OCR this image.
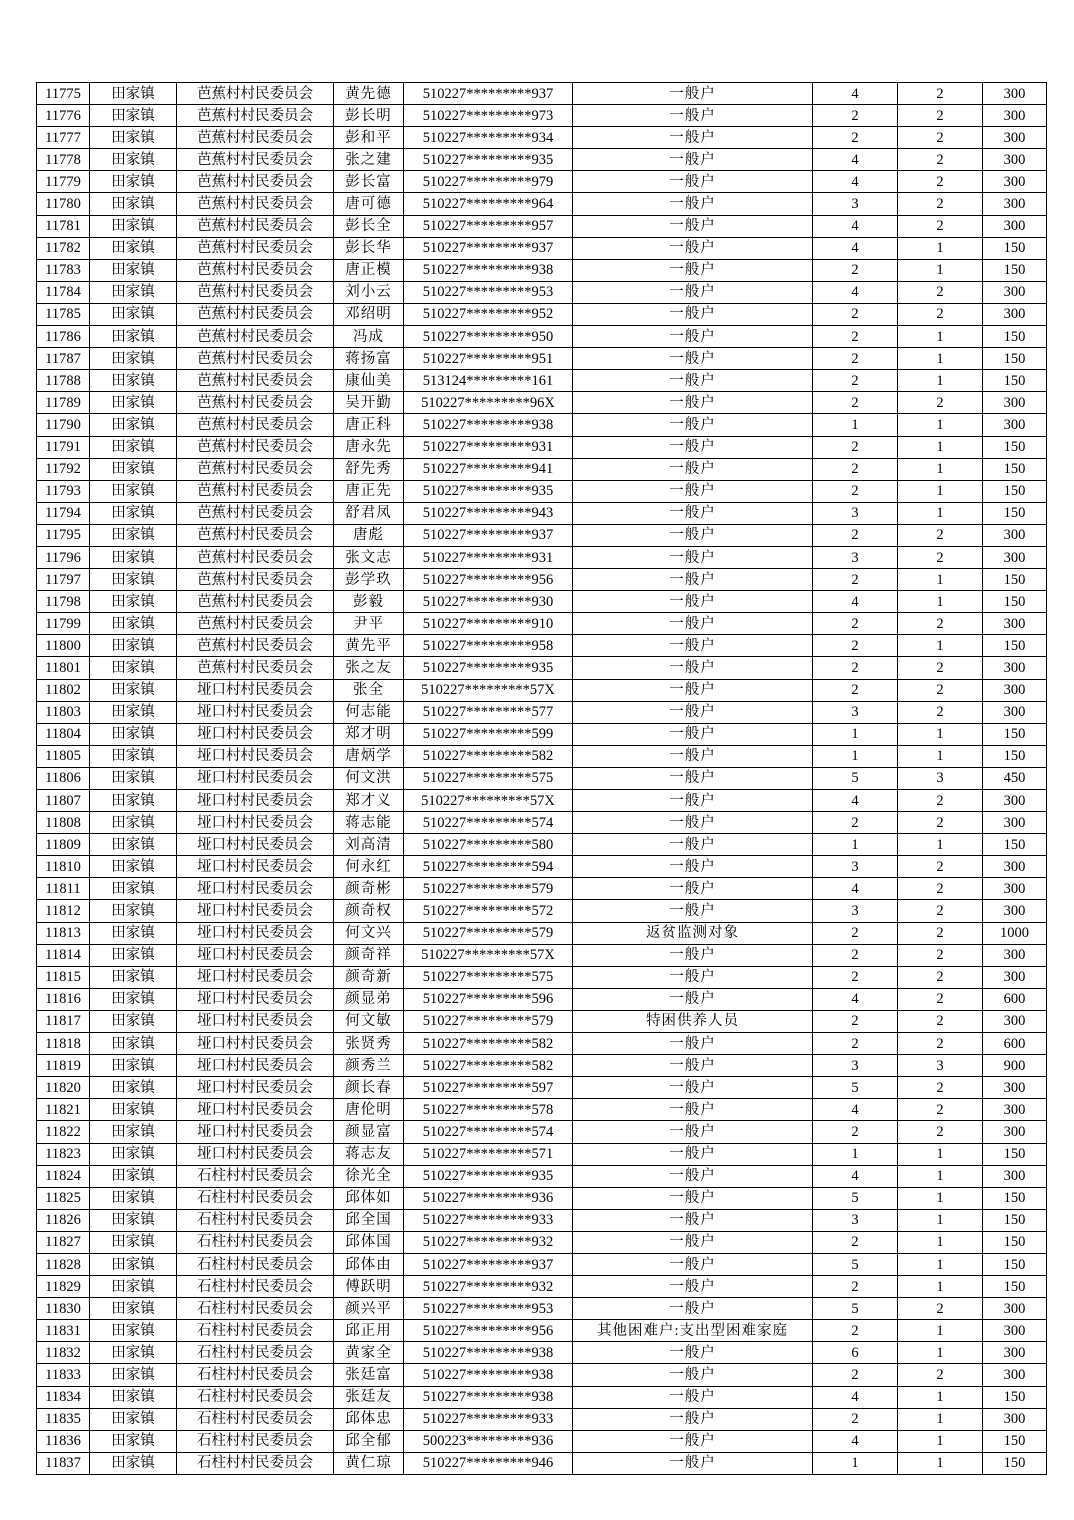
11775	田家镇	芭蕉村村民委员会	黄先德	510227*********937	一般户	4	2	300
11776	田家镇	芭蕉村村民委员会	彭长明	510227*********973	一般户	2	2	300
11777	田家镇	芭蕉村村民委员会	彭和平	510227*********934	一般户	2	2	300
11778	田家镇	芭蕉村村民委员会	张之建	510227*********935	一般户	4	2	300
11779	田家镇	芭蕉村村民委员会	彭长富	510227*********979	一般户	4	2	300
11780	田家镇	芭蕉村村民委员会	唐可德	510227*********964	一般户	3	2	300
11781	田家镇	芭蕉村村民委员会	彭长全	510227*********957	一般户	4	2	300
11782	田家镇	芭蕉村村民委员会	彭长华	510227*********937	一般户	4	1	150
11783	田家镇	芭蕉村村民委员会	唐正模	510227*********938	一般户	2	1	150
11784	田家镇	芭蕉村村民委员会	刘小云	510227*********953	一般户	4	2	300
11785	田家镇	芭蕉村村民委员会	邓绍明	510227*********952	一般户	2	2	300
11786	田家镇	芭蕉村村民委员会	冯成	510227*********950	一般户	2	1	150
11787	田家镇	芭蕉村村民委员会	蒋扬富	510227*********951	一般户	2	1	150
11788	田家镇	芭蕉村村民委员会	康仙美	513124*********161	一般户	2	1	150
11789	田家镇	芭蕉村村民委员会	吴开勤	510227*********96X	一般户	2	2	300
11790	田家镇	芭蕉村村民委员会	唐正科	510227*********938	一般户	1	1	300
11791	田家镇	芭蕉村村民委员会	唐永先	510227*********931	一般户	2	1	150
11792	田家镇	芭蕉村村民委员会	舒先秀	510227*********941	一般户	2	1	150
11793	田家镇	芭蕉村村民委员会	唐正先	510227*********935	一般户	2	1	150
11794	田家镇	芭蕉村村民委员会	舒君凤	510227*********943	一般户	3	1	150
11795	田家镇	芭蕉村村民委员会	唐彪	510227*********937	一般户	2	2	300
11796	田家镇	芭蕉村村民委员会	张文志	510227*********931	一般户	3	2	300
11797	田家镇	芭蕉村村民委员会	彭学玖	510227*********956	一般户	2	1	150
11798	田家镇	芭蕉村村民委员会	彭毅	510227*********930	一般户	4	1	150
11799	田家镇	芭蕉村村民委员会	尹平	510227*********910	一般户	2	2	300
11800	田家镇	芭蕉村村民委员会	黄先平	510227*********958	一般户	2	1	150
11801	田家镇	芭蕉村村民委员会	张之友	510227*********935	一般户	2	2	300
11802	田家镇	垭口村村民委员会	张全	510227*********57X	一般户	2	2	300
11803	田家镇	垭口村村民委员会	何志能	510227*********577	一般户	3	2	300
11804	田家镇	垭口村村民委员会	郑才明	510227*********599	一般户	1	1	150
11805	田家镇	垭口村村民委员会	唐炳学	510227*********582	一般户	1	1	150
11806	田家镇	垭口村村民委员会	何文洪	510227*********575	一般户	5	3	450
11807	田家镇	垭口村村民委员会	郑才义	510227*********57X	一般户	4	2	300
11808	田家镇	垭口村村民委员会	蒋志能	510227*********574	一般户	2	2	300
11809	田家镇	垭口村村民委员会	刘高清	510227*********580	一般户	1	1	150
11810	田家镇	垭口村村民委员会	何永红	510227*********594	一般户	3	2	300
11811	田家镇	垭口村村民委员会	颜奇彬	510227*********579	一般户	4	2	300
11812	田家镇	垭口村村民委员会	颜奇权	510227*********572	一般户	3	2	300
11813	田家镇	垭口村村民委员会	何文兴	510227*********579	返贫监测对象	2	2	1000
11814	田家镇	垭口村村民委员会	颜奇祥	510227*********57X	一般户	2	2	300
11815	田家镇	垭口村村民委员会	颜奇新	510227*********575	一般户	2	2	300
11816	田家镇	垭口村村民委员会	颜显弟	510227*********596	一般户	4	2	600
11817	田家镇	垭口村村民委员会	何文敏	510227*********579	特困供养人员	2	2	300
11818	田家镇	垭口村村民委员会	张贤秀	510227*********582	一般户	2	2	600
11819	田家镇	垭口村村民委员会	颜秀兰	510227*********582	一般户	3	3	900
11820	田家镇	垭口村村民委员会	颜长春	510227*********597	一般户	5	2	300
11821	田家镇	垭口村村民委员会	唐伦明	510227*********578	一般户	4	2	300
11822	田家镇	垭口村村民委员会	颜显富	510227*********574	一般户	2	2	300
11823	田家镇	垭口村村民委员会	蒋志友	510227*********571	一般户	1	1	150
11824	田家镇	石柱村村民委员会	徐光全	510227*********935	一般户	4	1	300
11825	田家镇	石柱村村民委员会	邱体如	510227*********936	一般户	5	1	150
11826	田家镇	石柱村村民委员会	邱全国	510227*********933	一般户	3	1	150
11827	田家镇	石柱村村民委员会	邱体国	510227*********932	一般户	2	1	150
11828	田家镇	石柱村村民委员会	邱体由	510227*********937	一般户	5	1	150
11829	田家镇	石柱村村民委员会	傅跃明	510227*********932	一般户	2	1	150
11830	田家镇	石柱村村民委员会	颜兴平	510227*********953	一般户	5	2	300
11831	田家镇	石柱村村民委员会	邱正用	510227*********956	其他困难户:支出型困难家庭	2	1	300
11832	田家镇	石柱村村民委员会	黄家全	510227*********938	一般户	6	1	300
11833	田家镇	石柱村村民委员会	张廷富	510227*********938	一般户	2	2	300
11834	田家镇	石柱村村民委员会	张廷友	510227*********938	一般户	4	1	150
11835	田家镇	石柱村村民委员会	邱体忠	510227*********933	一般户	2	1	300
11836	田家镇	石柱村村民委员会	邱全郁	500223*********936	一般户	4	1	150
11837	田家镇	石柱村村民委员会	黄仁琼	510227*********946	一般户	1	1	150
